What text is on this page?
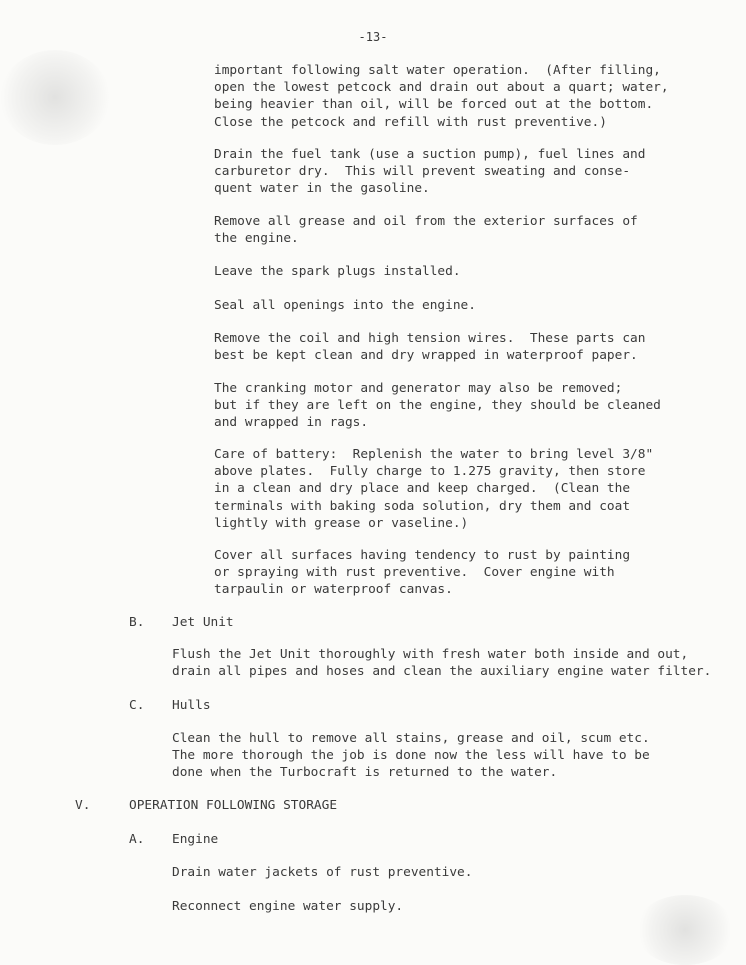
-13-
important following salt water operation.  (After filling,
open the lowest petcock and drain out about a quart; water,
being heavier than oil, will be forced out at the bottom.
Close the petcock and refill with rust preventive.)
Drain the fuel tank (use a suction pump), fuel lines and
carburetor dry.  This will prevent sweating and conse-
quent water in the gasoline.
Remove all grease and oil from the exterior surfaces of
the engine.
Leave the spark plugs installed.
Seal all openings into the engine.
Remove the coil and high tension wires.  These parts can
best be kept clean and dry wrapped in waterproof paper.
The cranking motor and generator may also be removed;
but if they are left on the engine, they should be cleaned
and wrapped in rags.
Care of battery:  Replenish the water to bring level 3/8"
above plates.  Fully charge to 1.275 gravity, then store
in a clean and dry place and keep charged.  (Clean the
terminals with baking soda solution, dry them and coat
lightly with grease or vaseline.)
Cover all surfaces having tendency to rust by painting
or spraying with rust preventive.  Cover engine with
tarpaulin or waterproof canvas.
B. Jet Unit
Flush the Jet Unit thoroughly with fresh water both inside and out,
drain all pipes and hoses and clean the auxiliary engine water filter.
C. Hulls
Clean the hull to remove all stains, grease and oil, scum etc.
The more thorough the job is done now the less will have to be
done when the Turbocraft is returned to the water.
V.	OPERATION FOLLOWING STORAGE
A. Engine
Drain water jackets of rust preventive.
Reconnect engine water supply.
